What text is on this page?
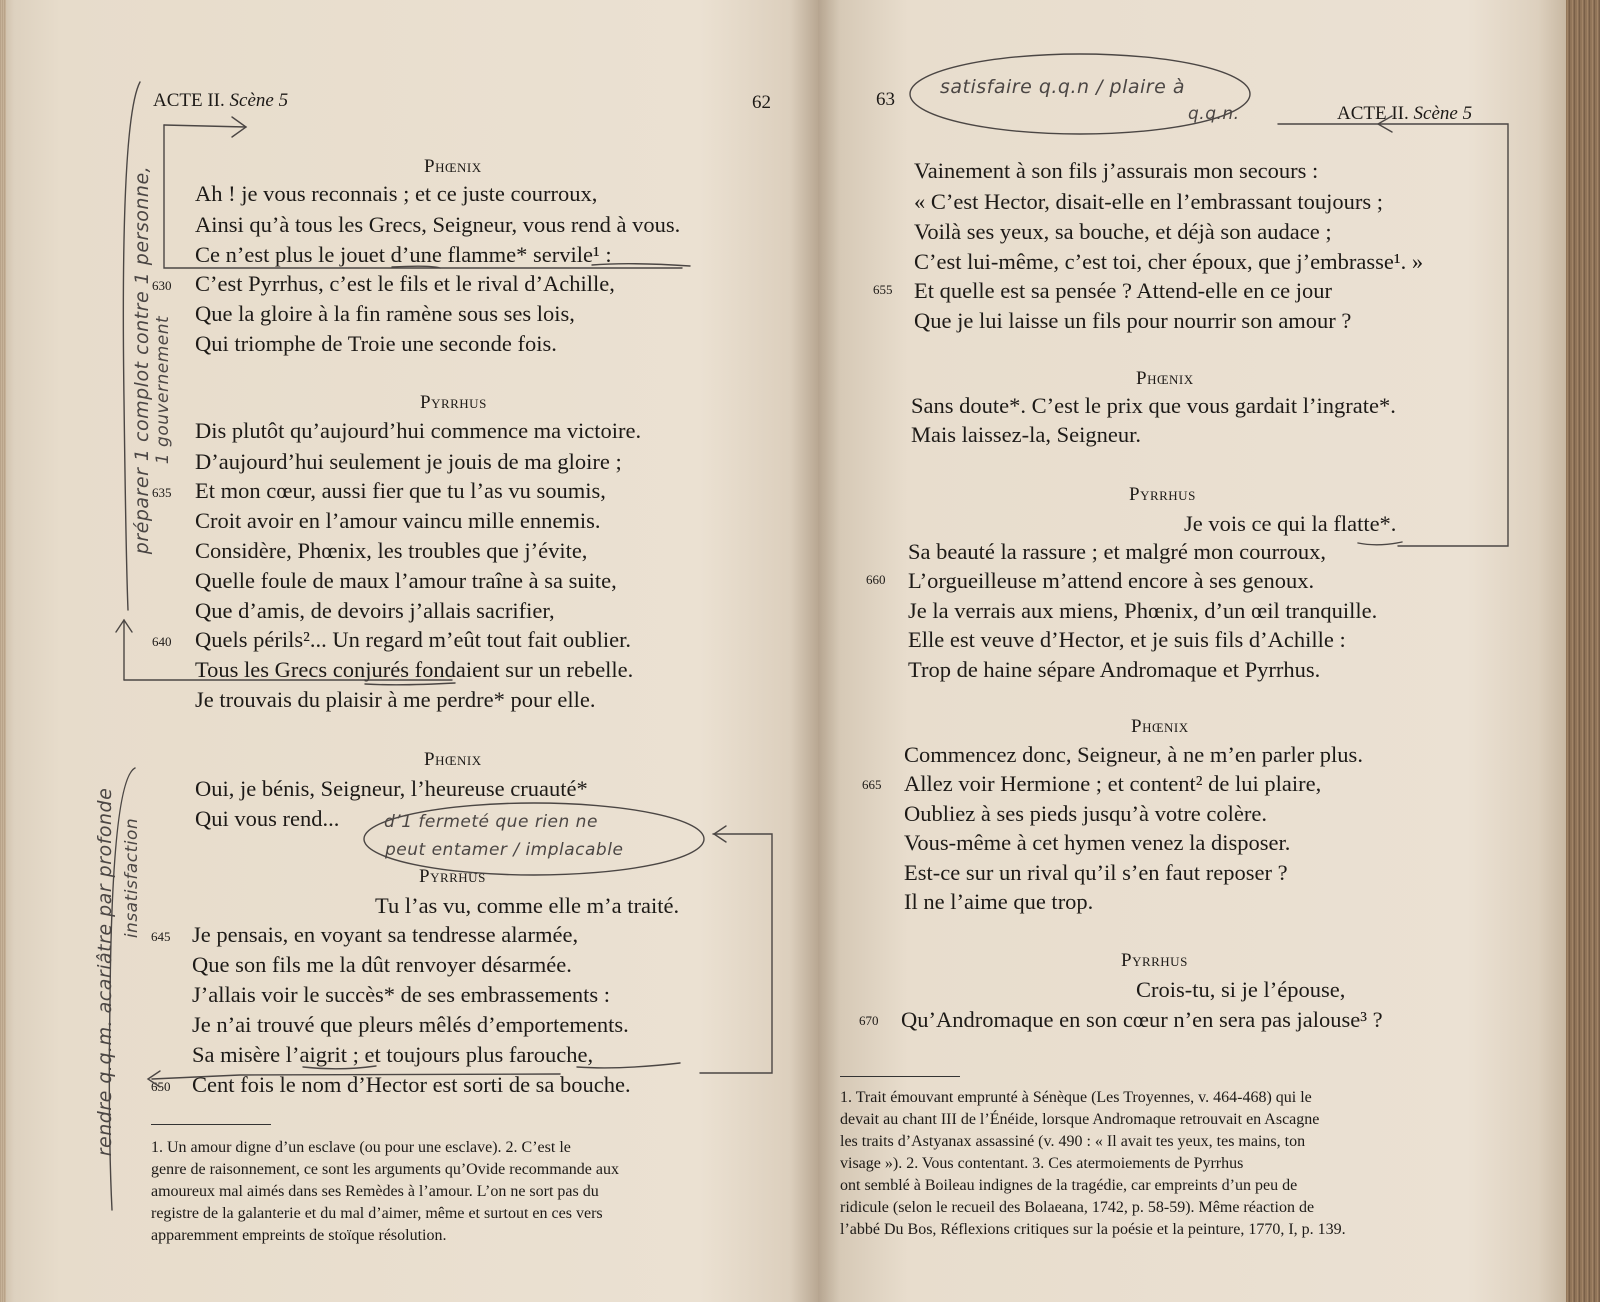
ACTE II. Scène 5	62
Phœnix
Ah ! je vous reconnais ; et ce juste courroux,
Ainsi qu’à tous les Grecs, Seigneur, vous rend à vous.
Ce n’est plus le jouet d’une flamme* servile¹ :
630 C’est Pyrrhus, c’est le fils et le rival d’Achille,
Que la gloire à la fin ramène sous ses lois,
Qui triomphe de Troie une seconde fois.
Pyrrhus
Dis plutôt qu’aujourd’hui commence ma victoire.
D’aujourd’hui seulement je jouis de ma gloire ;
635 Et mon cœur, aussi fier que tu l’as vu soumis,
Croit avoir en l’amour vaincu mille ennemis.
Considère, Phœnix, les troubles que j’évite,
Quelle foule de maux l’amour traîne à sa suite,
Que d’amis, de devoirs j’allais sacrifier,
640 Quels périls²... Un regard m’eût tout fait oublier.
Tous les Grecs conjurés fondaient sur un rebelle.
Je trouvais du plaisir à me perdre* pour elle.
Phœnix
Oui, je bénis, Seigneur, l’heureuse cruauté*
Qui vous rend...
Pyrrhus
Tu l’as vu, comme elle m’a traité.
645 Je pensais, en voyant sa tendresse alarmée,
Que son fils me la dût renvoyer désarmée.
J’allais voir le succès* de ses embrassements :
Je n’ai trouvé que pleurs mêlés d’emportements.
Sa misère l’aigrit ; et toujours plus farouche,
650 Cent fois le nom d’Hector est sorti de sa bouche.
1. Un amour digne d’un esclave (ou pour une esclave). 2. C’est le
genre de raisonnement, ce sont les arguments qu’Ovide recommande aux
amoureux mal aimés dans ses Remèdes à l’amour. L’on ne sort pas du
registre de la galanterie et du mal d’aimer, même et surtout en ces vers
apparemment empreints de stoïque résolution.
préparer 1 complot contre 1 personne, 1 gouvernement
rendre q.q.m. acariâtre par profonde insatisfaction	d’1 fermeté que rien ne
peut entamer / implacable
63
ACTE II. Scène 5
Vainement à son fils j’assurais mon secours :
« C’est Hector, disait-elle en l’embrassant toujours ;
Voilà ses yeux, sa bouche, et déjà son audace ;
C’est lui-même, c’est toi, cher époux, que j’embrasse¹. »
655 Et quelle est sa pensée ? Attend-elle en ce jour
Que je lui laisse un fils pour nourrir son amour ?
Phœnix
Sans doute*. C’est le prix que vous gardait l’ingrate*.
Mais laissez-la, Seigneur.
Pyrrhus
Je vois ce qui la flatte*.
Sa beauté la rassure ; et malgré mon courroux,
660 L’orgueilleuse m’attend encore à ses genoux.
Je la verrais aux miens, Phœnix, d’un œil tranquille.
Elle est veuve d’Hector, et je suis fils d’Achille :
Trop de haine sépare Andromaque et Pyrrhus.
Phœnix
Commencez donc, Seigneur, à ne m’en parler plus.
665 Allez voir Hermione ; et content² de lui plaire,
Oubliez à ses pieds jusqu’à votre colère.
Vous-même à cet hymen venez la disposer.
Est-ce sur un rival qu’il s’en faut reposer ?
Il ne l’aime que trop.
Pyrrhus
Crois-tu, si je l’épouse,
670 Qu’Andromaque en son cœur n’en sera pas jalouse³ ?
1. Trait émouvant emprunté à Sénèque (Les Troyennes, v. 464-468) qui le
devait au chant III de l’Énéide, lorsque Andromaque retrouvait en Ascagne
les traits d’Astyanax assassiné (v. 490 : « Il avait tes yeux, tes mains, ton
visage »). 2. Vous contentant. 3. Ces atermoiements de Pyrrhus
ont semblé à Boileau indignes de la tragédie, car empreints d’un peu de
ridicule (selon le recueil des Bolaeana, 1742, p. 58-59). Même réaction de
l’abbé Du Bos, Réflexions critiques sur la poésie et la peinture, 1770, I, p. 139.
satisfaire q.q.n / plaire à
q.q.n.
